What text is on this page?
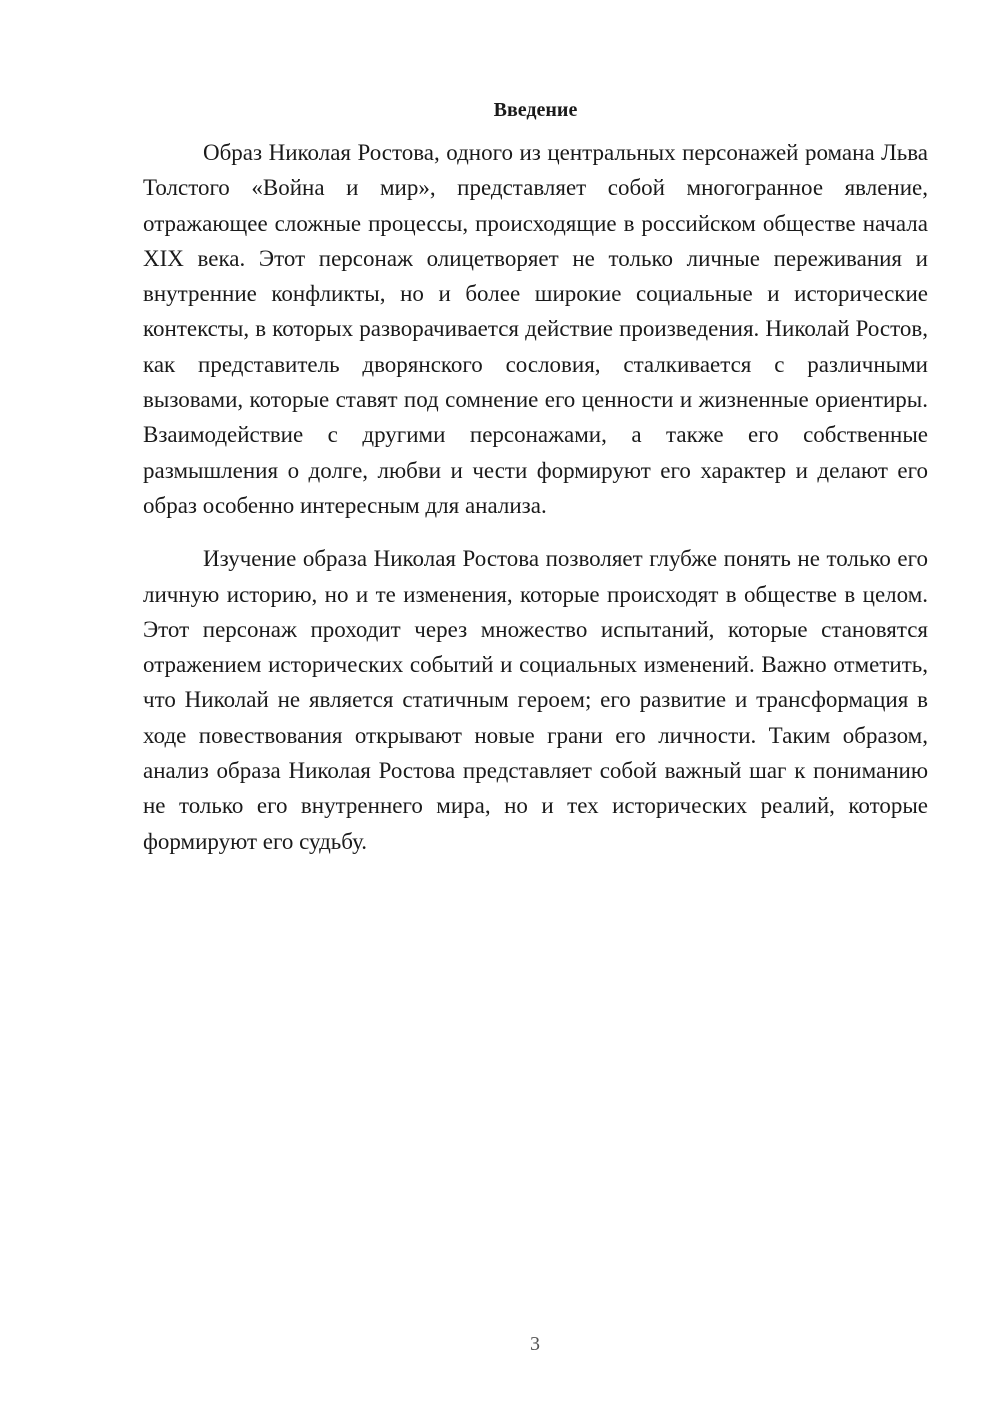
Введение

Образ Николая Ростова, одного из центральных персонажей романа Льва Толстого «Война и мир», представляет собой многогранное явление, отражающее сложные процессы, происходящие в российском обществе начала XIX века. Этот персонаж олицетворяет не только личные переживания и внутренние конфликты, но и более широкие социальные и исторические контексты, в которых разворачивается действие произведения. Николай Ростов, как представитель дворянского сословия, сталкивается с различными вызовами, которые ставят под сомнение его ценности и жизненные ориентиры. Взаимодействие с другими персонажами, а также его собственные размышления о долге, любви и чести формируют его характер и делают его образ особенно интересным для анализа.

Изучение образа Николая Ростова позволяет глубже понять не только его личную историю, но и те изменения, которые происходят в обществе в целом. Этот персонаж проходит через множество испытаний, которые становятся отражением исторических событий и социальных изменений. Важно отметить, что Николай не является статичным героем; его развитие и трансформация в ходе повествования открывают новые грани его личности. Таким образом, анализ образа Николая Ростова представляет собой важный шаг к пониманию не только его внутреннего мира, но и тех исторических реалий, которые формируют его судьбу.

3
